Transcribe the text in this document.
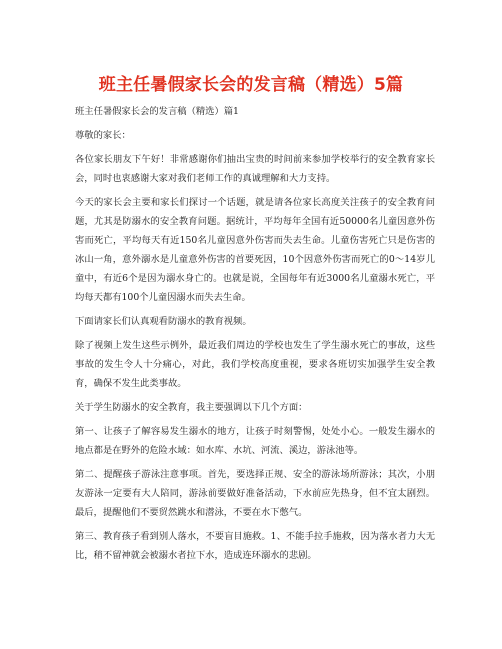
班主任暑假家长会的发言稿（精选）5篇

班主任暑假家长会的发言稿（精选）篇1

尊敬的家长：

各位家长朋友下午好！非常感谢你们抽出宝贵的时间前来参加学校举行的安全教育家长会，同时也衷感谢大家对我们老师工作的真诚理解和大力支持。

今天的家长会主要和家长们探讨一个话题，就是请各位家长高度关注孩子的安全教育问题，尤其是防溺水的安全教育问题。据统计，平均每年全国有近50000名儿童因意外伤害而死亡，平均每天有近150名儿童因意外伤害而失去生命。儿童伤害死亡只是伤害的冰山一角，意外溺水是儿童意外伤害的首要死因，10个因意外伤害而死亡的0～14岁儿童中，有近6个是因为溺水身亡的。也就是说，全国每年有近3000名儿童溺水死亡，平均每天都有100个儿童因溺水而失去生命。

下面请家长们认真观看防溺水的教育视频。

除了视频上发生这些示例外，最近我们周边的学校也发生了学生溺水死亡的事故，这些事故的发生令人十分痛心，对此，我们学校高度重视，要求各班切实加强学生安全教育，确保不发生此类事故。

关于学生防溺水的安全教育，我主要强调以下几个方面：

第一、让孩子了解容易发生溺水的地方，让孩子时刻警惕，处处小心。一般发生溺水的地点都是在野外的危险水域：如水库、水坑、河流、溪边，游泳池等。

第二、提醒孩子游泳注意事项。首先，要选择正规、安全的游泳场所游泳；其次，小朋友游泳一定要有大人陪同，游泳前要做好准备活动，下水前应先热身，但不宜太剧烈。最后，提醒他们不要贸然跳水和潜泳，不要在水下憋气。

第三、教育孩子看到别人落水，不要盲目施救。1、不能手拉手施救，因为落水者力大无比，稍不留神就会被溺水者拉下水，造成连环溺水的悲剧。
